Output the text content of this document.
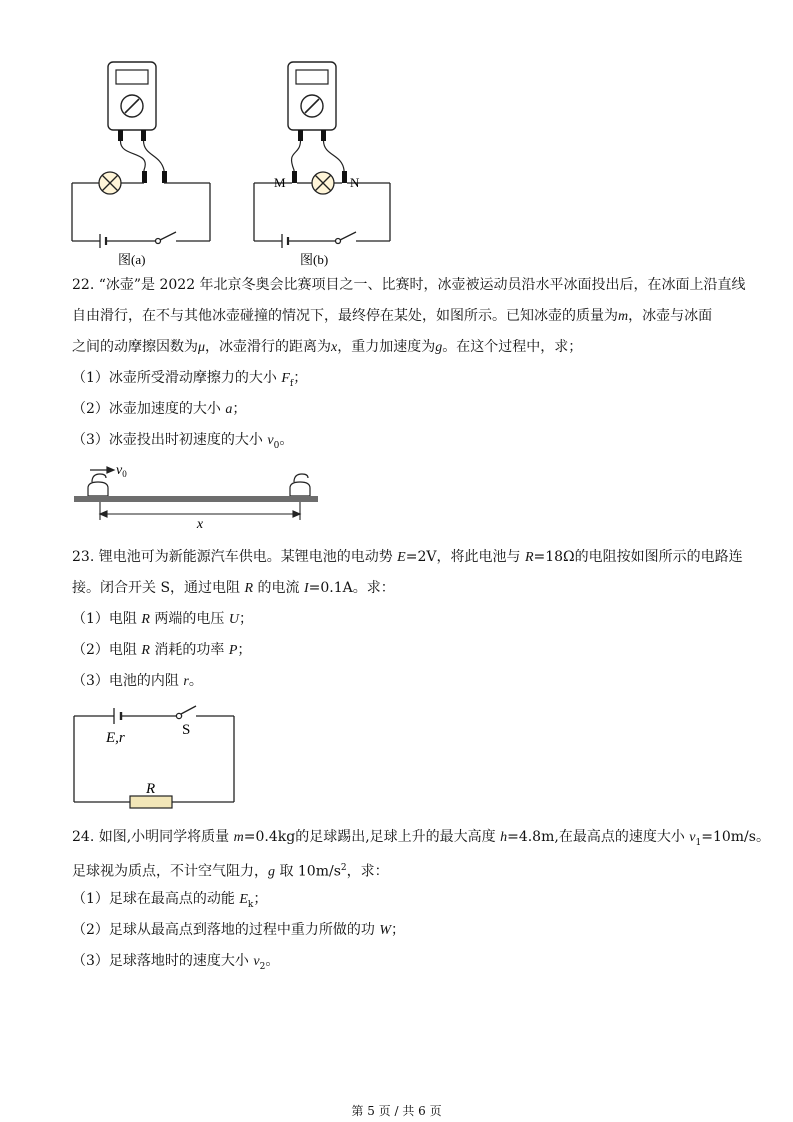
M	N
图(a)	图(b)
22. “冰壶”是 2022 年北京冬奥会比赛项目之一、比赛时，冰壶被运动员沿水平冰面投出后，在冰面上沿直线
自由滑行，在不与其他冰壶碰撞的情况下，最终停在某处，如图所示。已知冰壶的质量为m，冰壶与冰面
之间的动摩擦因数为μ，冰壶滑行的距离为x，重力加速度为g。在这个过程中，求；
（1）冰壶所受滑动摩擦力的大小 $F_f$；
（2）冰壶加速度的大小 a；
（3）冰壶投出时初速度的大小 $v_0$。
$v_0$
x
23. 锂电池可为新能源汽车供电。某锂电池的电动势 E=2V，将此电池与 R=18Ω的电阻按如图所示的电路连
接。闭合开关 S，通过电阻 R 的电流 I=0.1A。求：
（1）电阻 R 两端的电压 U；
（2）电阻 R 消耗的功率 P；
（3）电池的内阻 r。
E,r	S
R
24. 如图,小明同学将质量 m=0.4kg的足球踢出,足球上升的最大高度 h=4.8m,在最高点的速度大小 $v_1=10m/s$。
足球视为质点，不计空气阻力，g 取 $10m/s^2$，求：
（1）足球在最高点的动能 $E_k$；
（2）足球从最高点到落地的过程中重力所做的功 W；
（3）足球落地时的速度大小 $v_2$。
第 5 页 / 共 6 页
